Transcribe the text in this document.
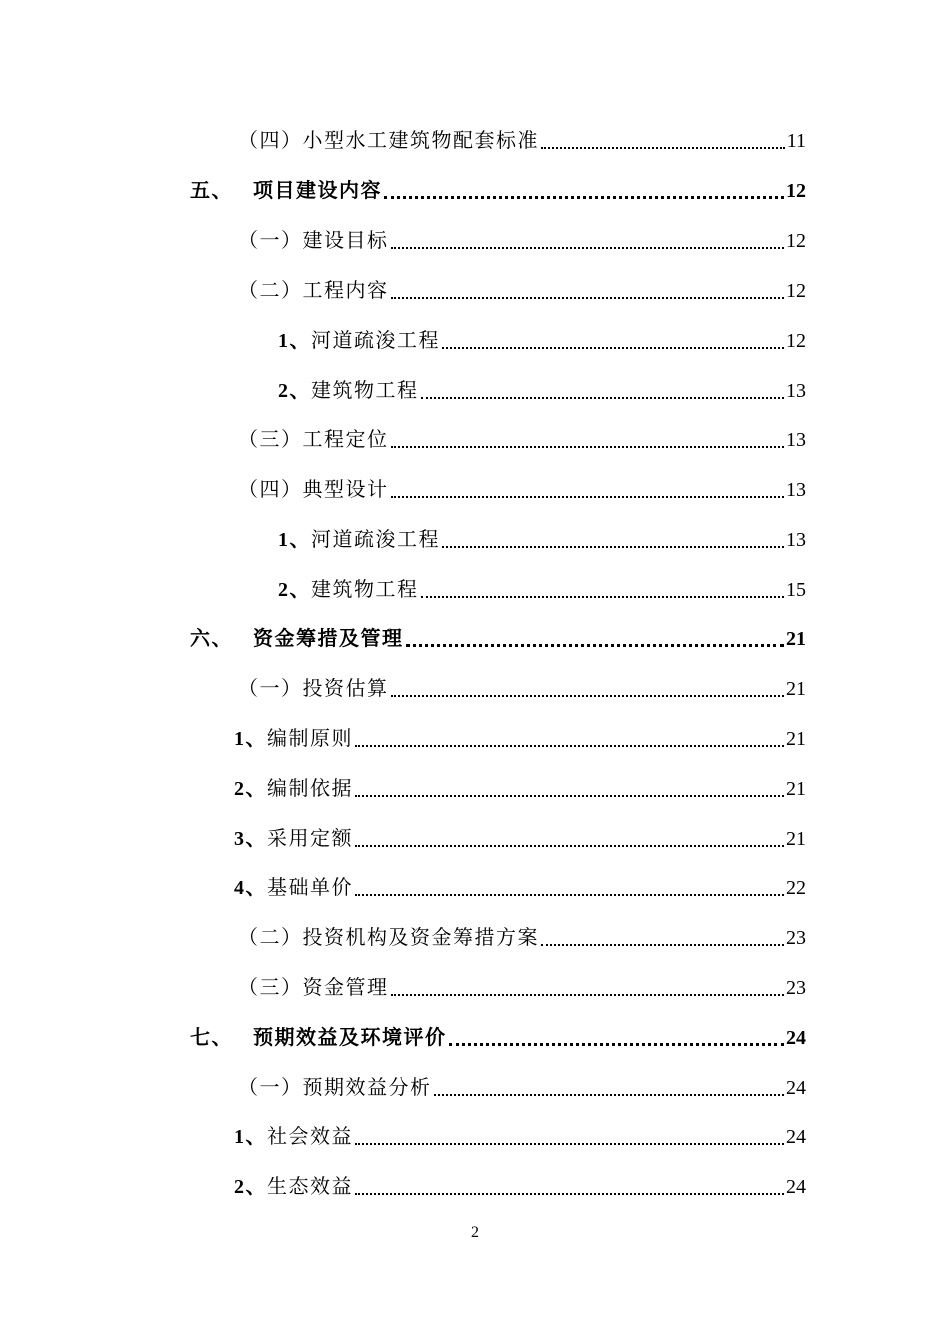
（四）小型水工建筑物配套标准	11
五、 项目建设内容	12
（一）建设目标	12
（二）工程内容	12
1、河道疏浚工程	12
2、建筑物工程	13
（三）工程定位	13
（四）典型设计	13
1、河道疏浚工程	13
2、建筑物工程	15
六、 资金筹措及管理	21
（一）投资估算	21
1、编制原则	21
2、编制依据	21
3、采用定额	21
4、基础单价	22
（二）投资机构及资金筹措方案	23
（三）资金管理	23
七、 预期效益及环境评价	24
（一）预期效益分析	24
1、社会效益	24
2、生态效益	24
2
